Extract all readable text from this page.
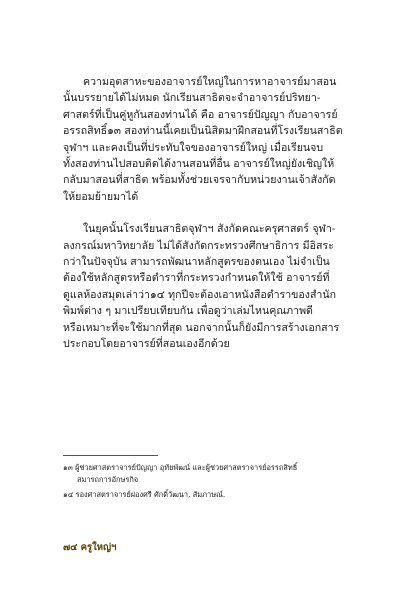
ความอุตสาหะของอาจารย์ใหญ่ในการหาอาจารย์มาสอน
นั้นบรรยายได้ไม่หมด นักเรียนสาธิตจะจำอาจารย์ปริทยา-
ศาสตร์ที่เป็นคู่หูกันสองท่านได้ คือ อาจารย์ปัญญา กับอาจารย์
อรรถสิทธิ์๑๓ สองท่านนี้เคยเป็นนิสิตมาฝึกสอนที่โรงเรียนสาธิต
จุฬาฯ และคงเป็นที่ประทับใจของอาจารย์ใหญ่ เมื่อเรียนจบ
ทั้งสองท่านไปสอบติดได้งานสอนที่อื่น อาจารย์ใหญ่ยังเชิญให้
กลับมาสอนที่สาธิต พร้อมทั้งช่วยเจรจากับหน่วยงานเจ้าสังกัด
ให้ยอมย้ายมาได้

ในยุคนั้นโรงเรียนสาธิตจุฬาฯ สังกัดคณะครุศาสตร์ จุฬา-
ลงกรณ์มหาวิทยาลัย ไม่ได้สังกัดกระทรวงศึกษาธิการ มีอิสระ
กว่าในปัจจุบัน สามารถพัฒนาหลักสูตรของตนเอง ไม่จำเป็น
ต้องใช้หลักสูตรหรือตำราที่กระทรวงกำหนดให้ใช้ อาจารย์ที่
ดูแลห้องสมุดเล่าว่า๑๔ ทุกปีจะต้องเอาหนังสือตำราของสำนัก
พิมพ์ต่าง ๆ มาเปรียบเทียบกัน เพื่อดูว่าเล่มไหนคุณภาพดี
หรือเหมาะที่จะใช้มากที่สุด นอกจากนั้นก็ยังมีการสร้างเอกสาร
ประกอบโดยอาจารย์ที่สอนเองอีกด้วย

๑๓ ผู้ช่วยศาสตราจารย์ปัญญา อุทัยพัฒน์ และผู้ช่วยศาสตราจารย์อรรถสิทธิ์
สมารถการอักษรกิจ

๑๔ รองศาสตราจารย์ผ่องศรี ศักดิ์วัฒนา, สัมภาษณ์.

๗๔ ครูใหญ่ฯ
